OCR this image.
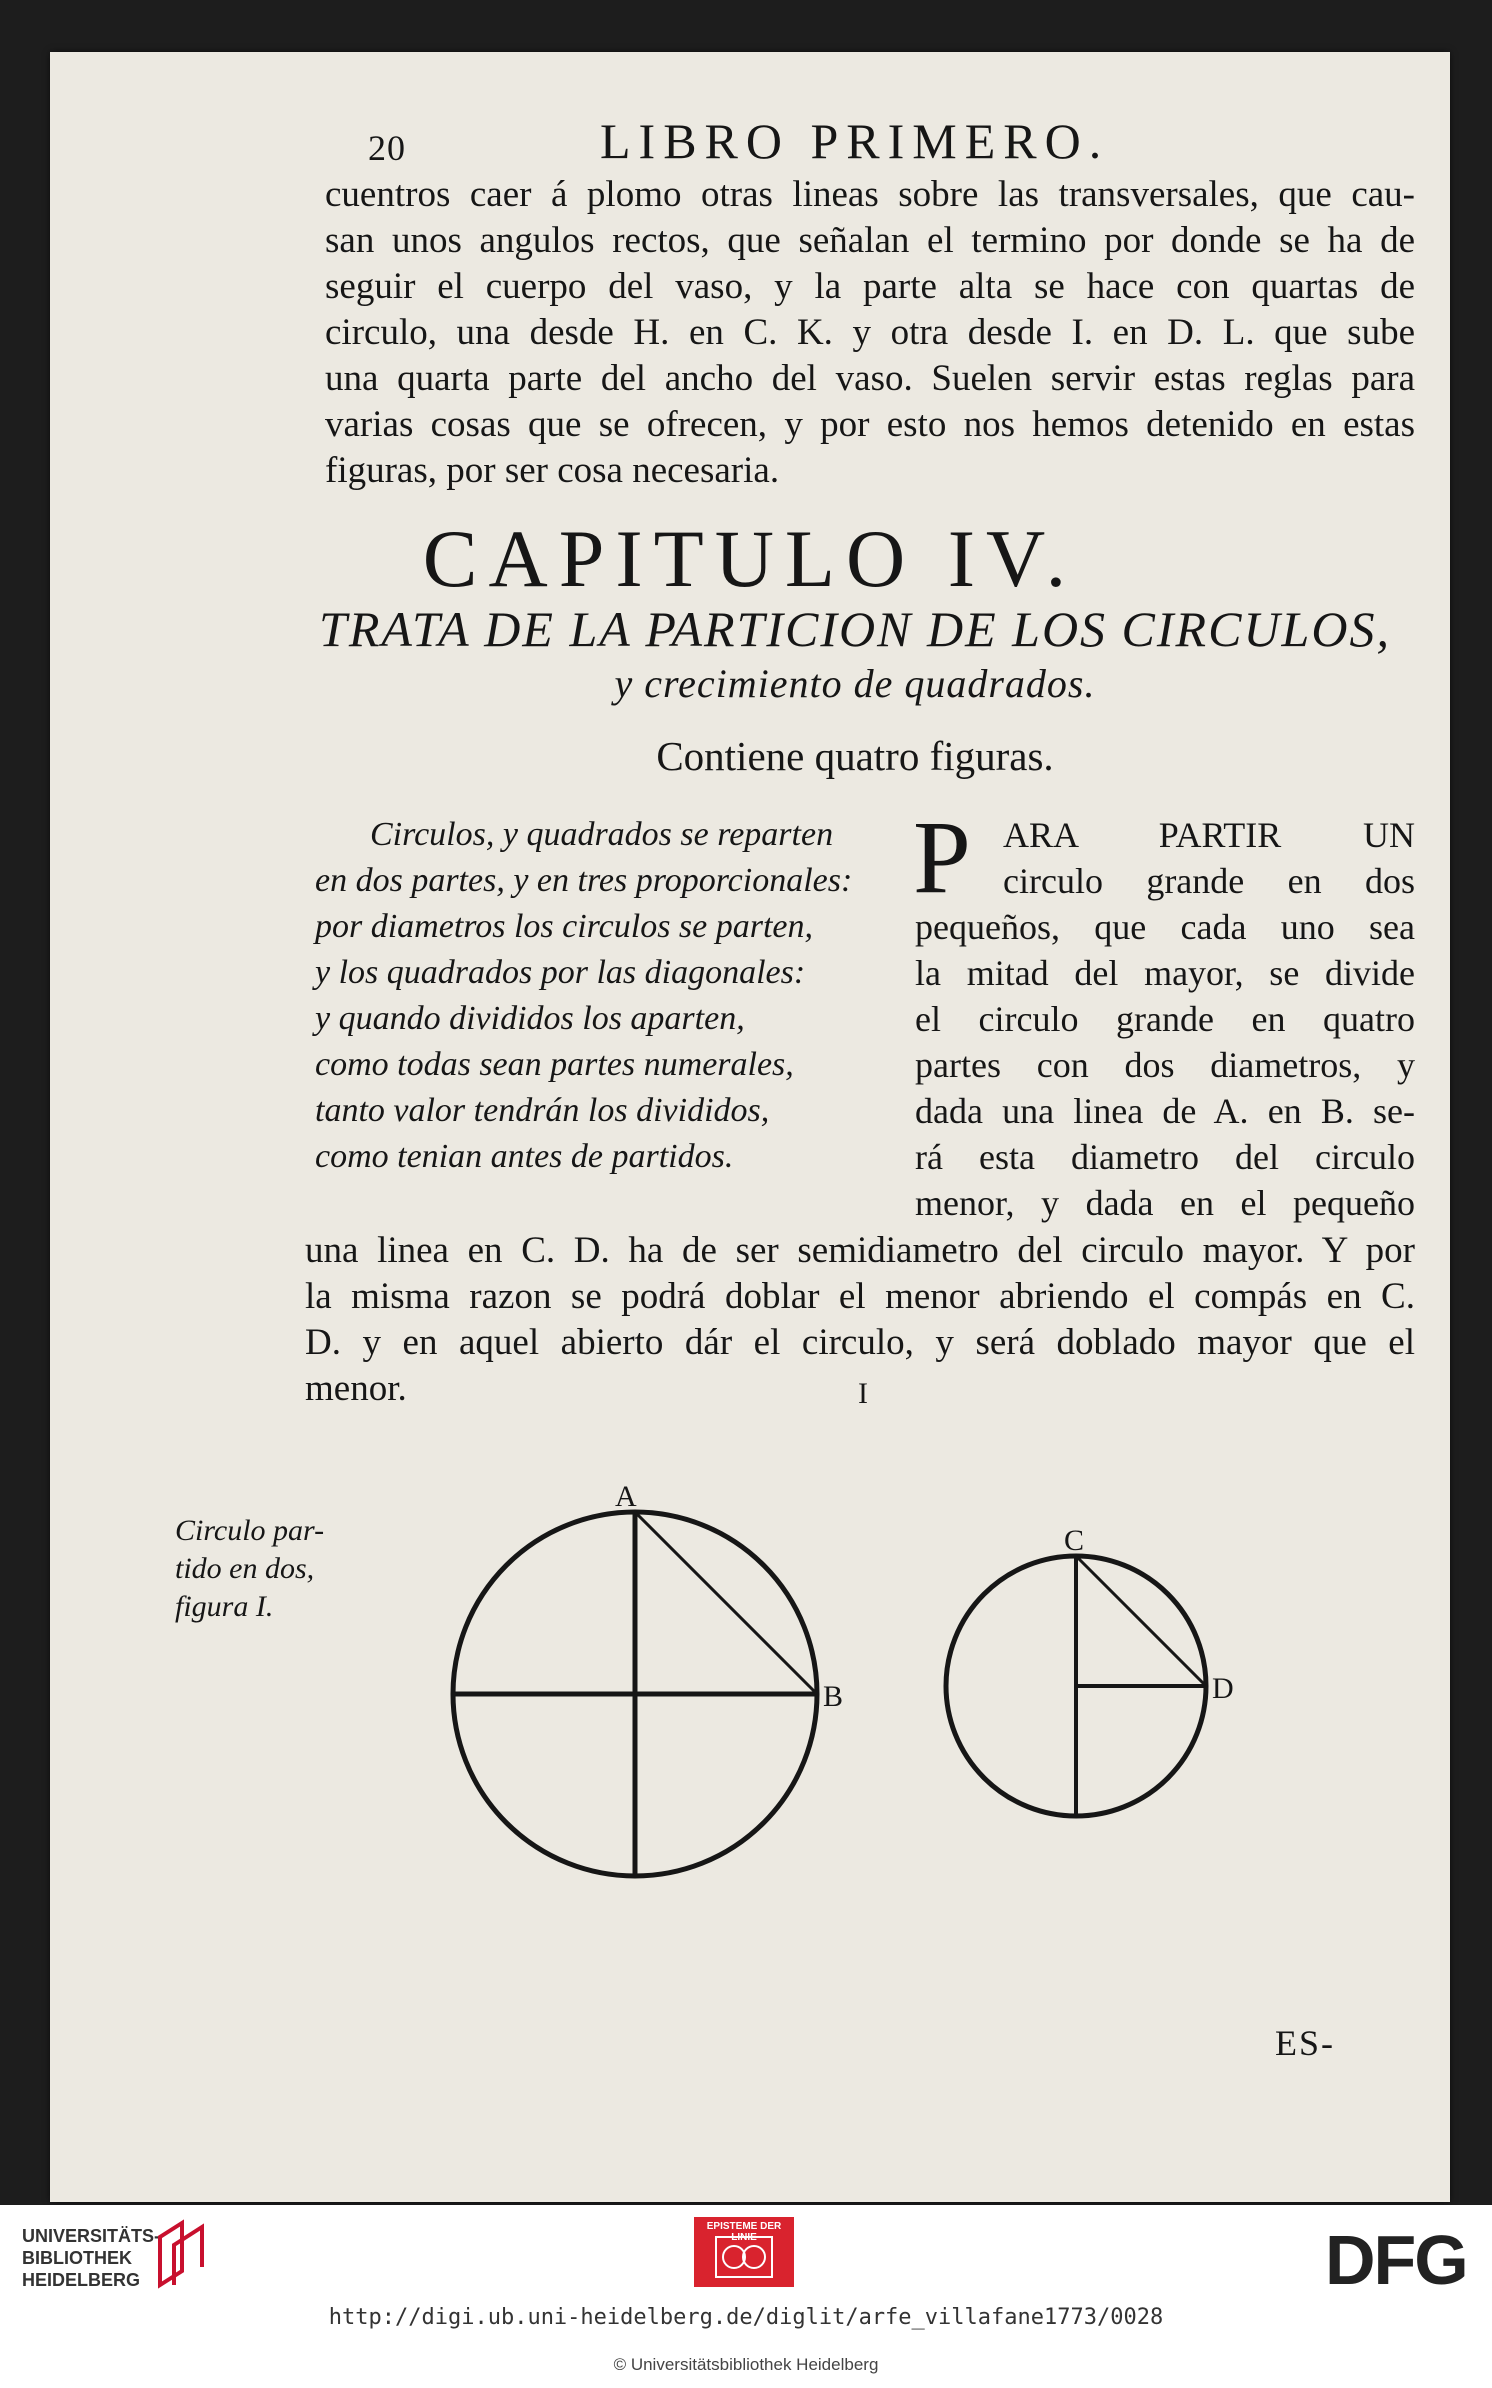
20	LIBRO PRIMERO.
cuentros caer á plomo otras lineas sobre las transversales, que cau-
san unos angulos rectos, que señalan el termino por donde se ha de
seguir el cuerpo del vaso, y la parte alta se hace con quartas de
circulo, una desde H. en C. K. y otra desde I. en D. L. que sube
una quarta parte del ancho del vaso. Suelen servir estas reglas para
varias cosas que se ofrecen, y por esto nos hemos detenido en estas
figuras, por ser cosa necesaria.
CAPITULO IV.
TRATA DE LA PARTICION DE LOS CIRCULOS,
y crecimiento de quadrados.
Contiene quatro figuras.
Circulos, y quadrados se reparten
en dos partes, y en tres proporcionales:
por diametros los circulos se parten,
y los quadrados por las diagonales:
y quando divididos los aparten,
como todas sean partes numerales,
tanto valor tendrán los divididos,
como tenian antes de partidos.
P ARA PARTIR UN
circulo grande en dos
pequeños, que cada uno sea
la mitad del mayor, se divide
el circulo grande en quatro
partes con dos diametros, y
dada una linea de A. en B. se-
rá esta diametro del circulo
menor, y dada en el pequeño
una linea en C. D. ha de ser semidiametro del circulo mayor. Y por
la misma razon se podrá doblar el menor abriendo el compás en C.
D. y en aquel abierto dár el circulo, y será doblado mayor que el
menor.	I
Circulo par-
tido en dos,
figura I.
A
B
C
D
ES-
UNIVERSITÄTS-
BIBLIOTHEK
HEIDELBERG
EPISTEME DER LINIE	DFG
http://digi.ub.uni-heidelberg.de/diglit/arfe_villafane1773/0028
© Universitätsbibliothek Heidelberg
